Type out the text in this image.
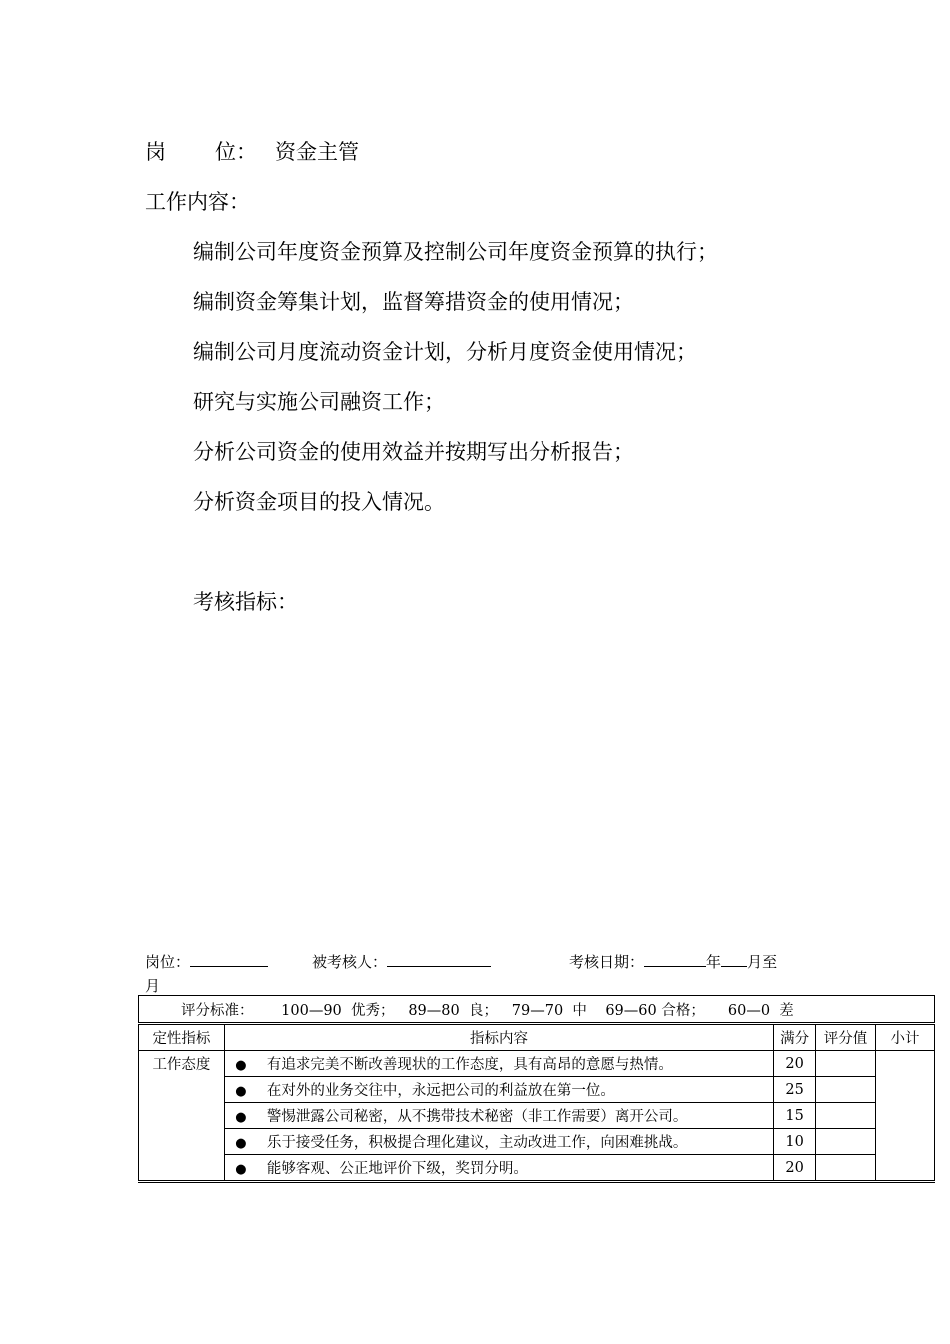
岗 位： 资金主管
工作内容：
编制公司年度资金预算及控制公司年度资金预算的执行；
编制资金筹集计划，监督筹措资金的使用情况；
编制公司月度流动资金计划，分析月度资金使用情况；
研究与实施公司融资工作；
分析公司资金的使用效益并按期写出分析报告；
分析资金项目的投入情况。
考核指标：
岗位：	被考核人：	考核日期：	年 月至
月
评分标准：      100—90  优秀；   89—80  良；   79—70  中    69—60 合格；     60—0  差				
定性指标	指标内容	满分	评分值	小计
工作态度	● 有追求完美不断改善现状的工作态度，具有高昂的意愿与热情。	20		
	● 在对外的业务交往中，永远把公司的利益放在第一位。	25		
	● 警惕泄露公司秘密，从不携带技术秘密（非工作需要）离开公司。	15		
	● 乐于接受任务，积极提合理化建议，主动改进工作，向困难挑战。	10		
	● 能够客观、公正地评价下级，奖罚分明。	20		
